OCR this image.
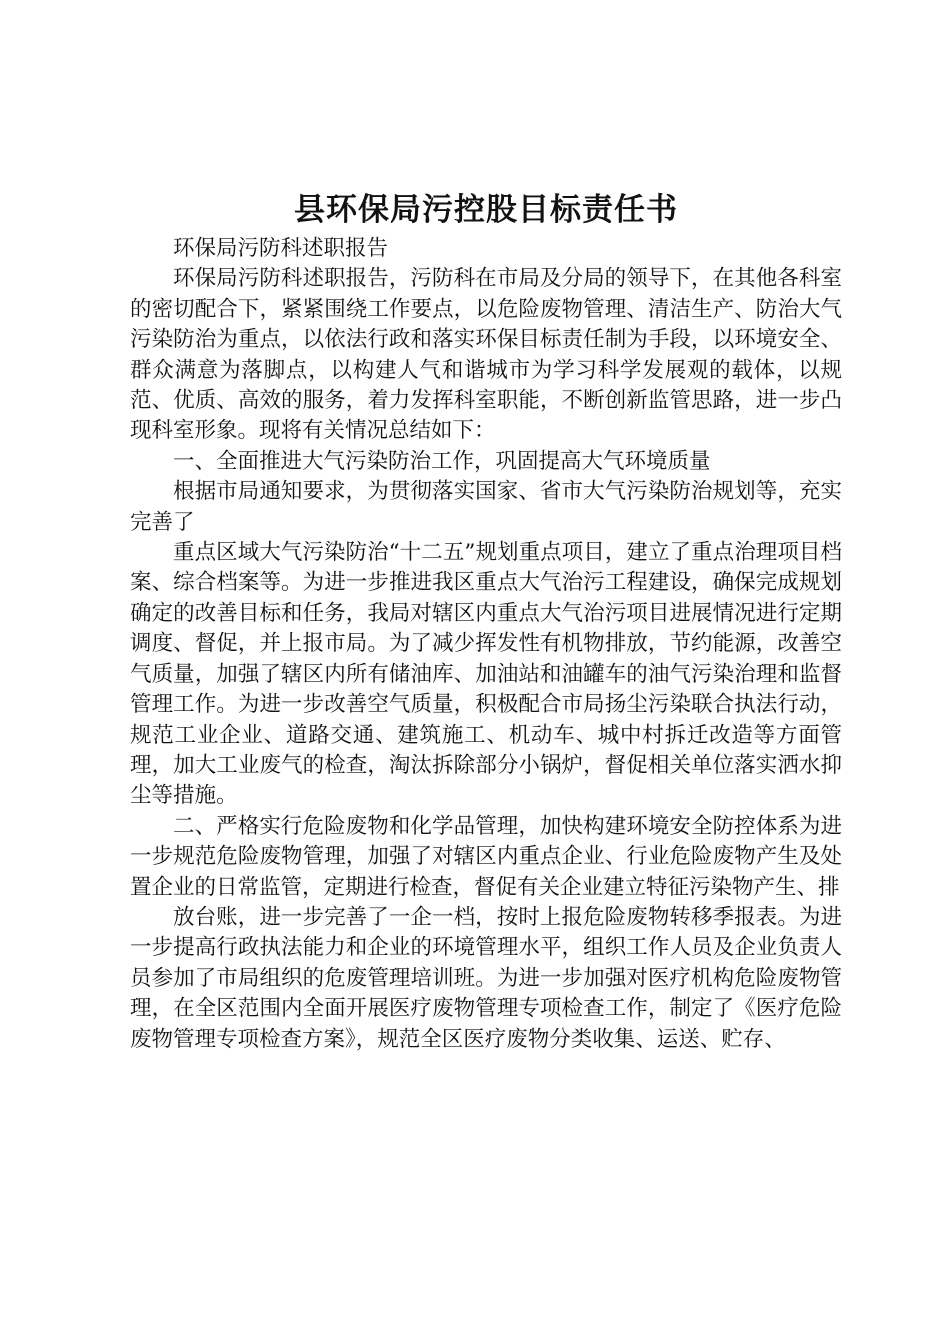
县环保局污控股目标责任书

环保局污防科述职报告

环保局污防科述职报告，污防科在市局及分局的领导下，在其他各科室的密切配合下，紧紧围绕工作要点，以危险废物管理、清洁生产、防治大气污染防治为重点，以依法行政和落实环保目标责任制为手段，以环境安全、群众满意为落脚点，以构建人气和谐城市为学习科学发展观的载体，以规范、优质、高效的服务，着力发挥科室职能，不断创新监管思路，进一步凸现科室形象。现将有关情况总结如下：

一、全面推进大气污染防治工作，巩固提高大气环境质量

根据市局通知要求，为贯彻落实国家、省市大气污染防治规划等，充实完善了

重点区域大气污染防治“十二五”规划重点项目，建立了重点治理项目档案、综合档案等。为进一步推进我区重点大气治污工程建设，确保完成规划确定的改善目标和任务，我局对辖区内重点大气治污项目进展情况进行定期调度、督促，并上报市局。为了减少挥发性有机物排放，节约能源，改善空气质量，加强了辖区内所有储油库、加油站和油罐车的油气污染治理和监督管理工作。为进一步改善空气质量，积极配合市局扬尘污染联合执法行动，规范工业企业、道路交通、建筑施工、机动车、城中村拆迁改造等方面管理，加大工业废气的检查，淘汰拆除部分小锅炉，督促相关单位落实洒水抑尘等措施。

二、严格实行危险废物和化学品管理，加快构建环境安全防控体系为进一步规范危险废物管理，加强了对辖区内重点企业、行业危险废物产生及处置企业的日常监管，定期进行检查，督促有关企业建立特征污染物产生、排

放台账，进一步完善了一企一档，按时上报危险废物转移季报表。为进一步提高行政执法能力和企业的环境管理水平，组织工作人员及企业负责人员参加了市局组织的危废管理培训班。为进一步加强对医疗机构危险废物管理，在全区范围内全面开展医疗废物管理专项检查工作，制定了《医疗危险废物管理专项检查方案》，规范全区医疗废物分类收集、运送、贮存、
